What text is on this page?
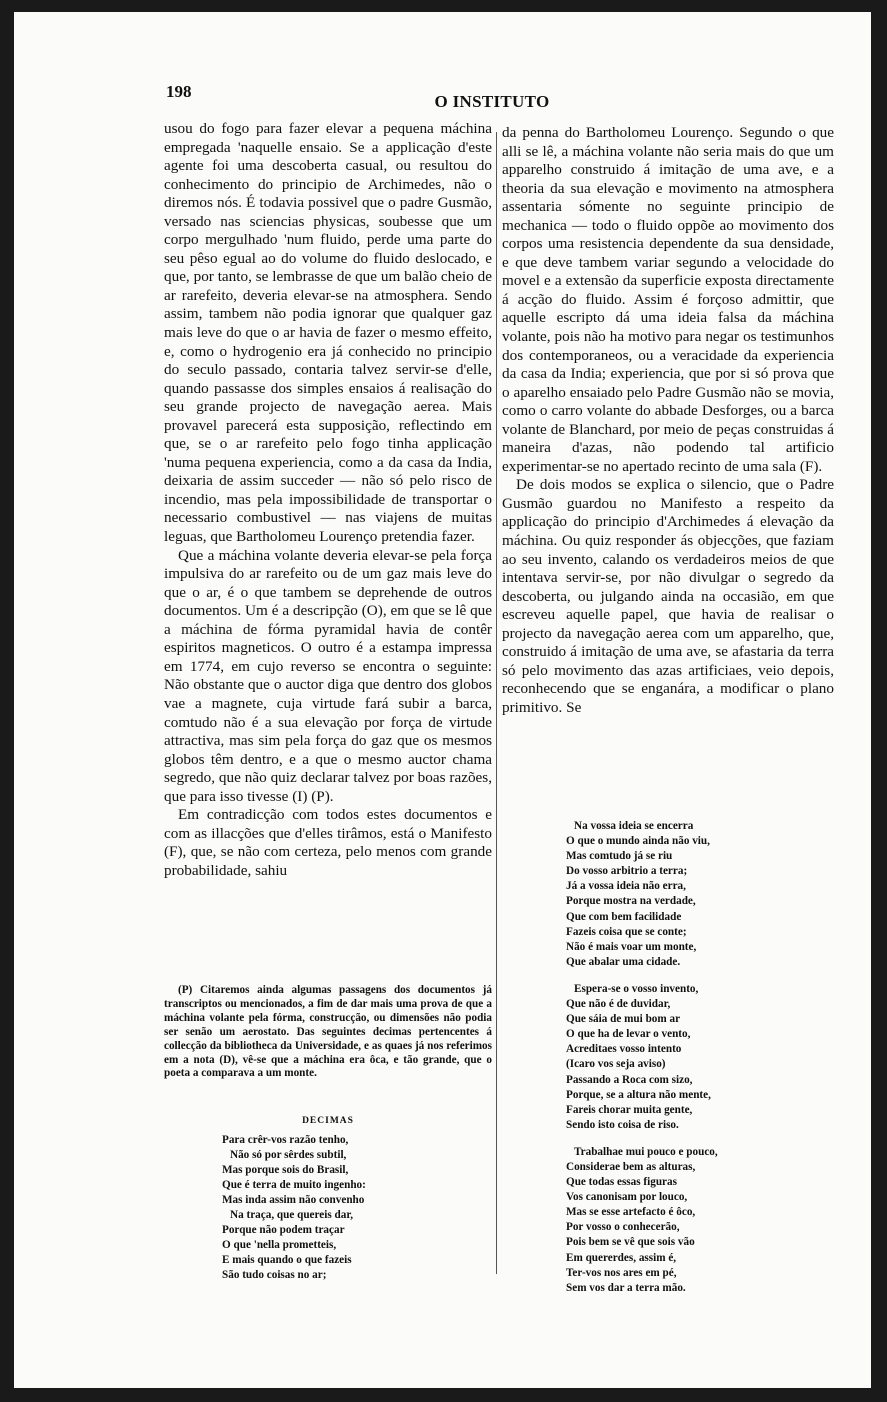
198
O INSTITUTO

usou do fogo para fazer elevar a pequena máchina empregada 'naquelle ensaio. Se a applicação d'este agente foi uma descoberta casual, ou resultou do conhecimento do principio de Archimedes, não o diremos nós. É todavia possivel que o padre Gusmão, versado nas sciencias physicas, soubesse que um corpo mergulhado 'num fluido, perde uma parte do seu pêso egual ao do volume do fluido deslocado, e que, por tanto, se lembrasse de que um balão cheio de ar rarefeito, deveria elevar-se na atmosphera. Sendo assim, tambem não podia ignorar que qualquer gaz mais leve do que o ar havia de fazer o mesmo effeito, e, como o hydrogenio era já conhecido no principio do seculo passado, contaria talvez servir-se d'elle, quando passasse dos simples ensaios á realisação do seu grande projecto de navegação aerea. Mais provavel parecerá esta supposição, reflectindo em que, se o ar rarefeito pelo fogo tinha applicação 'numa pequena experiencia, como a da casa da India, deixaria de assim succeder — não só pelo risco de incendio, mas pela impossibilidade de transportar o necessario combustivel — nas viajens de muitas leguas, que Bartholomeu Lourenço pretendia fazer.

Que a máchina volante deveria elevar-se pela força impulsiva do ar rarefeito ou de um gaz mais leve do que o ar, é o que tambem se deprehende de outros documentos. Um é a descripção (O), em que se lê que a máchina de fórma pyramidal havia de contêr espiritos magneticos. O outro é a estampa impressa em 1774, em cujo reverso se encontra o seguinte: Não obstante que o auctor diga que dentro dos globos vae a magnete, cuja virtude fará subir a barca, comtudo não é a sua elevação por força de virtude attractiva, mas sim pela força do gaz que os mesmos globos têm dentro, e a que o mesmo auctor chama segredo, que não quiz declarar talvez por boas razões, que para isso tivesse (I) (P).

Em contradicção com todos estes documentos e com as illacções que d'elles tirâmos, está o Manifesto (F), que, se não com certeza, pelo menos com grande probabilidade, sahiu

da penna do Bartholomeu Lourenço. Segundo o que alli se lê, a máchina volante não seria mais do que um apparelho construido á imitação de uma ave, e a theoria da sua elevação e movimento na atmosphera assentaria sómente no seguinte principio de mechanica — todo o fluido oppõe ao movimento dos corpos uma resistencia dependente da sua densidade, e que deve tambem variar segundo a velocidade do movel e a extensão da superficie exposta directamente á acção do fluido. Assim é forçoso admittir, que aquelle escripto dá uma ideia falsa da máchina volante, pois não ha motivo para negar os testimunhos dos contemporaneos, ou a veracidade da experiencia da casa da India; experiencia, que por si só prova que o aparelho ensaiado pelo Padre Gusmão não se movia, como o carro volante do abbade Desforges, ou a barca volante de Blanchard, por meio de peças construidas á maneira d'azas, não podendo tal artificio experimentar-se no apertado recinto de uma sala (F).

De dois modos se explica o silencio, que o Padre Gusmão guardou no Manifesto a respeito da applicação do principio d'Archimedes á elevação da máchina. Ou quiz responder ás objecções, que faziam ao seu invento, calando os verdadeiros meios de que intentava servir-se, por não divulgar o segredo da descoberta, ou julgando ainda na occasião, em que escreveu aquelle papel, que havia de realisar o projecto da navegação aerea com um apparelho, que, construido á imitação de uma ave, se afastaria da terra só pelo movimento das azas artificiaes, veio depois, reconhecendo que se enganára, a modificar o plano primitivo. Se

(P) Citaremos ainda algumas passagens dos documentos já transcriptos ou mencionados, a fim de dar mais uma prova de que a máchina volante pela fórma, construcção, ou dimensões não podia ser senão um aerostato. Das seguintes decimas pertencentes á collecção da bibliotheca da Universidade, e as quaes já nos referimos em a nota (D), vê-se que a máchina era ôca, e tão grande, que o poeta a comparava a um monte.

DECIMAS
Para crêr-vos razão tenho,
Não só por sêrdes subtil,
Mas porque sois do Brasil,
Que é terra de muito ingenho:
Mas inda assim não convenho
Na traça, que quereis dar,
Porque não podem traçar
O que 'nella prometteis,
E mais quando o que fazeis
São tudo coisas no ar;
Na vossa ideia se encerra
O que o mundo ainda não viu,
Mas comtudo já se riu
Do vosso arbitrio a terra;
Já a vossa ideia não erra,
Porque mostra na verdade,
Que com bem facilidade
Fazeis coisa que se conte;
Não é mais voar um monte,
Que abalar uma cidade.
Espera-se o vosso invento,
Que não é de duvidar,
Que sáia de mui bom ar
O que ha de levar o vento,
Acreditaes vosso intento
(Icaro vos seja aviso)
Passando a Roca com sizo,
Porque, se a altura não mente,
Fareis chorar muita gente,
Sendo isto coisa de riso.
Trabalhae mui pouco e pouco,
Considerae bem as alturas,
Que todas essas figuras
Vos canonisam por louco,
Mas se esse artefacto é ôco,
Por vosso o conhecerão,
Pois bem se vê que sois vão
Em quererdes, assim é,
Ter-vos nos ares em pé,
Sem vos dar a terra mão.
